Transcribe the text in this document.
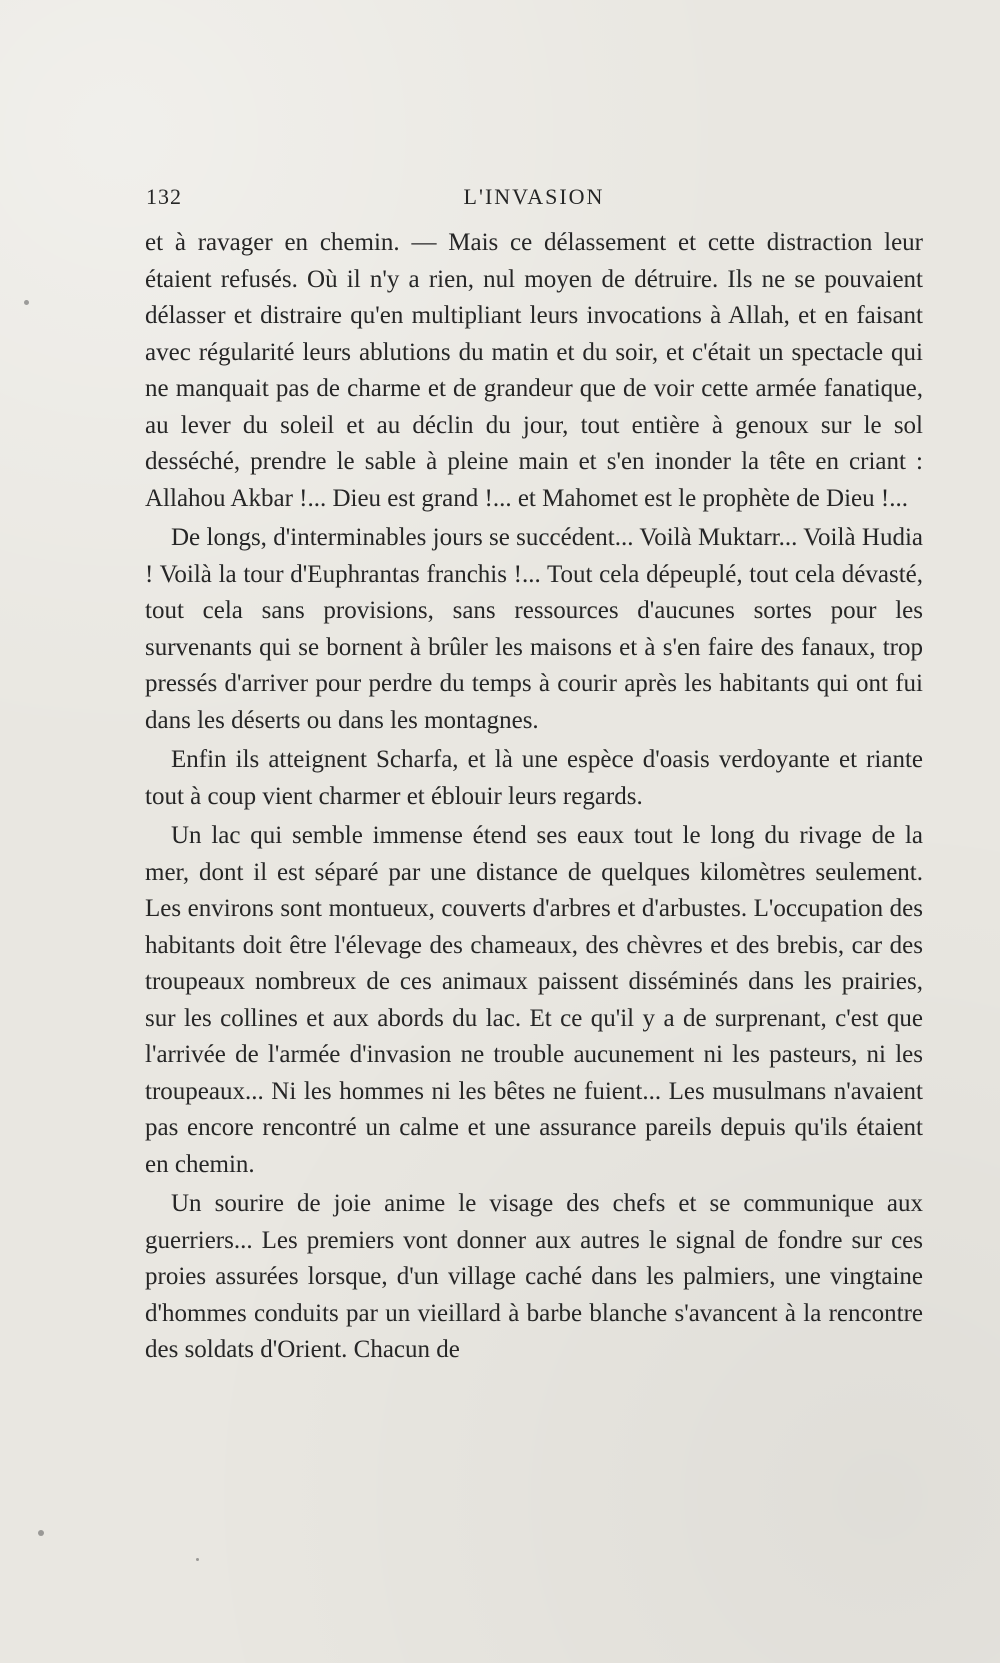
132	L'INVASION

et à ravager en chemin. — Mais ce délassement et cette distraction leur étaient refusés. Où il n'y a rien, nul moyen de détruire. Ils ne se pouvaient délasser et distraire qu'en multipliant leurs invocations à Allah, et en faisant avec régularité leurs ablutions du matin et du soir, et c'était un spectacle qui ne manquait pas de charme et de grandeur que de voir cette armée fanatique, au lever du soleil et au déclin du jour, tout entière à genoux sur le sol desséché, prendre le sable à pleine main et s'en inonder la tête en criant : Allahou Akbar !... Dieu est grand !... et Mahomet est le prophète de Dieu !...

De longs, d'interminables jours se succédent... Voilà Muktarr... Voilà Hudia ! Voilà la tour d'Euphrantas franchis !... Tout cela dépeuplé, tout cela dévasté, tout cela sans provisions, sans ressources d'aucunes sortes pour les survenants qui se bornent à brûler les maisons et à s'en faire des fanaux, trop pressés d'arriver pour perdre du temps à courir après les habitants qui ont fui dans les déserts ou dans les montagnes.

Enfin ils atteignent Scharfa, et là une espèce d'oasis verdoyante et riante tout à coup vient charmer et éblouir leurs regards.

Un lac qui semble immense étend ses eaux tout le long du rivage de la mer, dont il est séparé par une distance de quelques kilomètres seulement. Les environs sont montueux, couverts d'arbres et d'arbustes. L'occupation des habitants doit être l'élevage des chameaux, des chèvres et des brebis, car des troupeaux nombreux de ces animaux paissent disséminés dans les prairies, sur les collines et aux abords du lac. Et ce qu'il y a de surprenant, c'est que l'arrivée de l'armée d'invasion ne trouble aucunement ni les pasteurs, ni les troupeaux... Ni les hommes ni les bêtes ne fuient... Les musulmans n'avaient pas encore rencontré un calme et une assurance pareils depuis qu'ils étaient en chemin.

Un sourire de joie anime le visage des chefs et se communique aux guerriers... Les premiers vont donner aux autres le signal de fondre sur ces proies assurées lorsque, d'un village caché dans les palmiers, une vingtaine d'hommes conduits par un vieillard à barbe blanche s'avancent à la rencontre des soldats d'Orient. Chacun de
